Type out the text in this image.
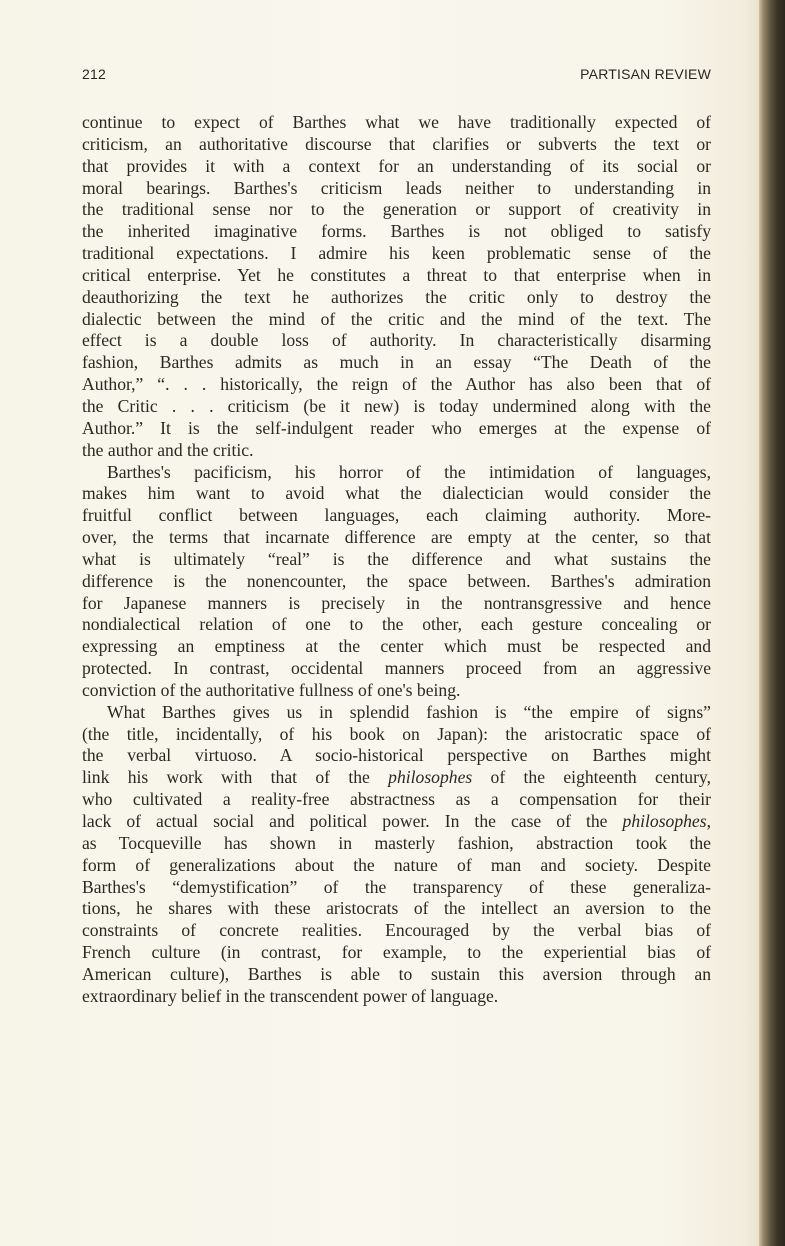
212	PARTISAN REVIEW
continue to expect of Barthes what we have traditionally expected of
criticism, an authoritative discourse that clarifies or subverts the text or
that provides it with a context for an understanding of its social or
moral bearings. Barthes's criticism leads neither to understanding in
the traditional sense nor to the generation or support of creativity in
the inherited imaginative forms. Barthes is not obliged to satisfy
traditional expectations. I admire his keen problematic sense of the
critical enterprise. Yet he constitutes a threat to that enterprise when in
deauthorizing the text he authorizes the critic only to destroy the
dialectic between the mind of the critic and the mind of the text. The
effect is a double loss of authority. In characteristically disarming
fashion, Barthes admits as much in an essay “The Death of the
Author,” “. . . historically, the reign of the Author has also been that of
the Critic . . . criticism (be it new) is today undermined along with the
Author.” It is the self-indulgent reader who emerges at the expense of
the author and the critic.
Barthes's pacificism, his horror of the intimidation of languages,
makes him want to avoid what the dialectician would consider the
fruitful conflict between languages, each claiming authority. More-
over, the terms that incarnate difference are empty at the center, so that
what is ultimately “real” is the difference and what sustains the
difference is the nonencounter, the space between. Barthes's admiration
for Japanese manners is precisely in the nontransgressive and hence
nondialectical relation of one to the other, each gesture concealing or
expressing an emptiness at the center which must be respected and
protected. In contrast, occidental manners proceed from an aggressive
conviction of the authoritative fullness of one's being.
What Barthes gives us in splendid fashion is “the empire of signs”
(the title, incidentally, of his book on Japan): the aristocratic space of
the verbal virtuoso. A socio-historical perspective on Barthes might
link his work with that of the philosophes of the eighteenth century,
who cultivated a reality-free abstractness as a compensation for their
lack of actual social and political power. In the case of the philosophes,
as Tocqueville has shown in masterly fashion, abstraction took the
form of generalizations about the nature of man and society. Despite
Barthes's “demystification” of the transparency of these generaliza-
tions, he shares with these aristocrats of the intellect an aversion to the
constraints of concrete realities. Encouraged by the verbal bias of
French culture (in contrast, for example, to the experiential bias of
American culture), Barthes is able to sustain this aversion through an
extraordinary belief in the transcendent power of language.
